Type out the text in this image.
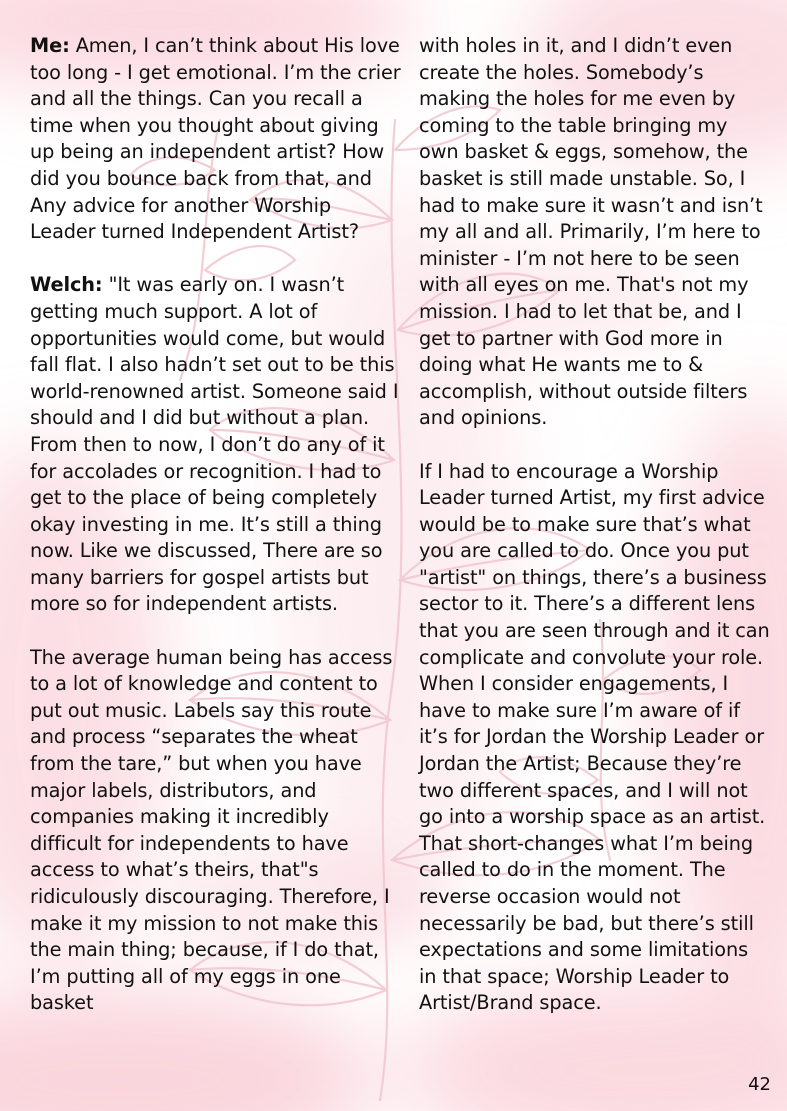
Me: Amen, I can’t think about His love too long - I get emotional. I’m the crier and all the things. Can you recall a time when you thought about giving up being an independent artist? How did you bounce back from that, and Any advice for another Worship Leader turned Independent Artist?

Welch: "It was early on. I wasn’t getting much support. A lot of opportunities would come, but would fall flat. I also hadn’t set out to be this world-renowned artist. Someone said I should and I did but without a plan. From then to now, I don’t do any of it for accolades or recognition. I had to get to the place of being completely okay investing in me. It’s still a thing now. Like we discussed, There are so many barriers for gospel artists but more so for independent artists.

The average human being has access to a lot of knowledge and content to put out music. Labels say this route and process “separates the wheat from the tare,” but when you have major labels, distributors, and companies making it incredibly difficult for independents to have access to what’s theirs, that"s ridiculously discouraging. Therefore, I make it my mission to not make this the main thing; because, if I do that, I’m putting all of my eggs in one basket

with holes in it, and I didn’t even create the holes. Somebody’s making the holes for me even by coming to the table bringing my own basket & eggs, somehow, the basket is still made unstable. So, I had to make sure it wasn’t and isn’t my all and all. Primarily, I’m here to minister - I’m not here to be seen with all eyes on me. That's not my mission. I had to let that be, and I get to partner with God more in doing what He wants me to & accomplish, without outside filters and opinions.

If I had to encourage a Worship Leader turned Artist, my first advice would be to make sure that’s what you are called to do. Once you put "artist" on things, there’s a business sector to it. There’s a different lens that you are seen through and it can complicate and convolute your role. When I consider engagements, I have to make sure I’m aware of if it’s for Jordan the Worship Leader or Jordan the Artist; Because they’re two different spaces, and I will not go into a worship space as an artist. That short-changes what I’m being called to do in the moment. The reverse occasion would not necessarily be bad, but there’s still expectations and some limitations in that space; Worship Leader to Artist/Brand space.

42
